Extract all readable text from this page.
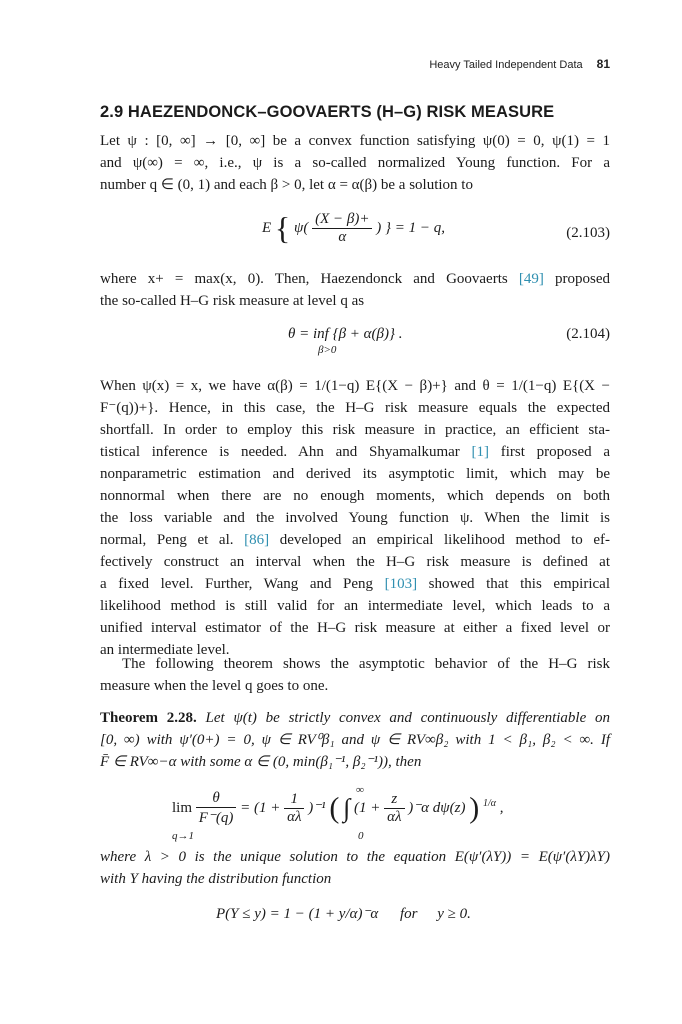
Heavy Tailed Independent Data 81
2.9 HAEZENDONCK–GOOVAERTS (H–G) RISK MEASURE
Let ψ : [0, ∞] → [0, ∞] be a convex function satisfying ψ(0) = 0, ψ(1) = 1
and ψ(∞) = ∞, i.e., ψ is a so-called normalized Young function. For a
number q ∈ (0, 1) and each β > 0, let α = α(β) be a solution to
E { $\psi( \frac{(X - \beta)+}{\alpha}$ ) } = 1 − q,	(2.103)
where x+ = max(x, 0). Then, Haezendonck and Goovaerts [49] proposed
the so-called H–G risk measure at level q as
θ = inf {β + α(β)} .
β>0
(2.104)
When ψ(x) = x, we have α(β) = 1/(1−q) E{(X − β)+} and θ = 1/(1−q) E{(X −
F⁻(q))+}. Hence, in this case, the H–G risk measure equals the expected
shortfall. In order to employ this risk measure in practice, an efficient sta-
tistical inference is needed. Ahn and Shyamalkumar [1] first proposed a
nonparametric estimation and derived its asymptotic limit, which may be
nonnormal when there are no enough moments, which depends on both
the loss variable and the involved Young function ψ. When the limit is
normal, Peng et al. [86] developed an empirical likelihood method to ef-
fectively construct an interval when the H–G risk measure is defined at
a fixed level. Further, Wang and Peng [103] showed that this empirical
likelihood method is still valid for an intermediate level, which leads to a
unified interval estimator of the H–G risk measure at either a fixed level or
an intermediate level.
The following theorem shows the asymptotic behavior of the H–G risk
measure when the level q goes to one.
Theorem 2.28. Let ψ(t) be strictly convex and continuously differentiable on
[0, ∞) with ψ′(0+) = 0, ψ ∈ RV⁰β₁ and ψ ∈ RV∞β₂ with 1 < β₁, β₂ < ∞. If
F̄ ∈ RV∞−α with some α ∈ (0, min(β₁⁻¹, β₂⁻¹)), then
$\lim \frac{\theta}{F^-(q)} = (1 + \frac{1}{\alpha\lambda} )^{-1}$ ( ∫ $(1 + \frac{z}{\alpha\lambda} )^-\alpha$ dψ(z) ) $^{1/\alpha}$ ,
q→1
∞
0
where λ > 0 is the unique solution to the equation E(ψ′(λY)) = E(ψ′(λY)λY)
with Y having the distribution function
P(Y ≤ y) = 1 − (1 + y/α)⁻α for y ≥ 0.
